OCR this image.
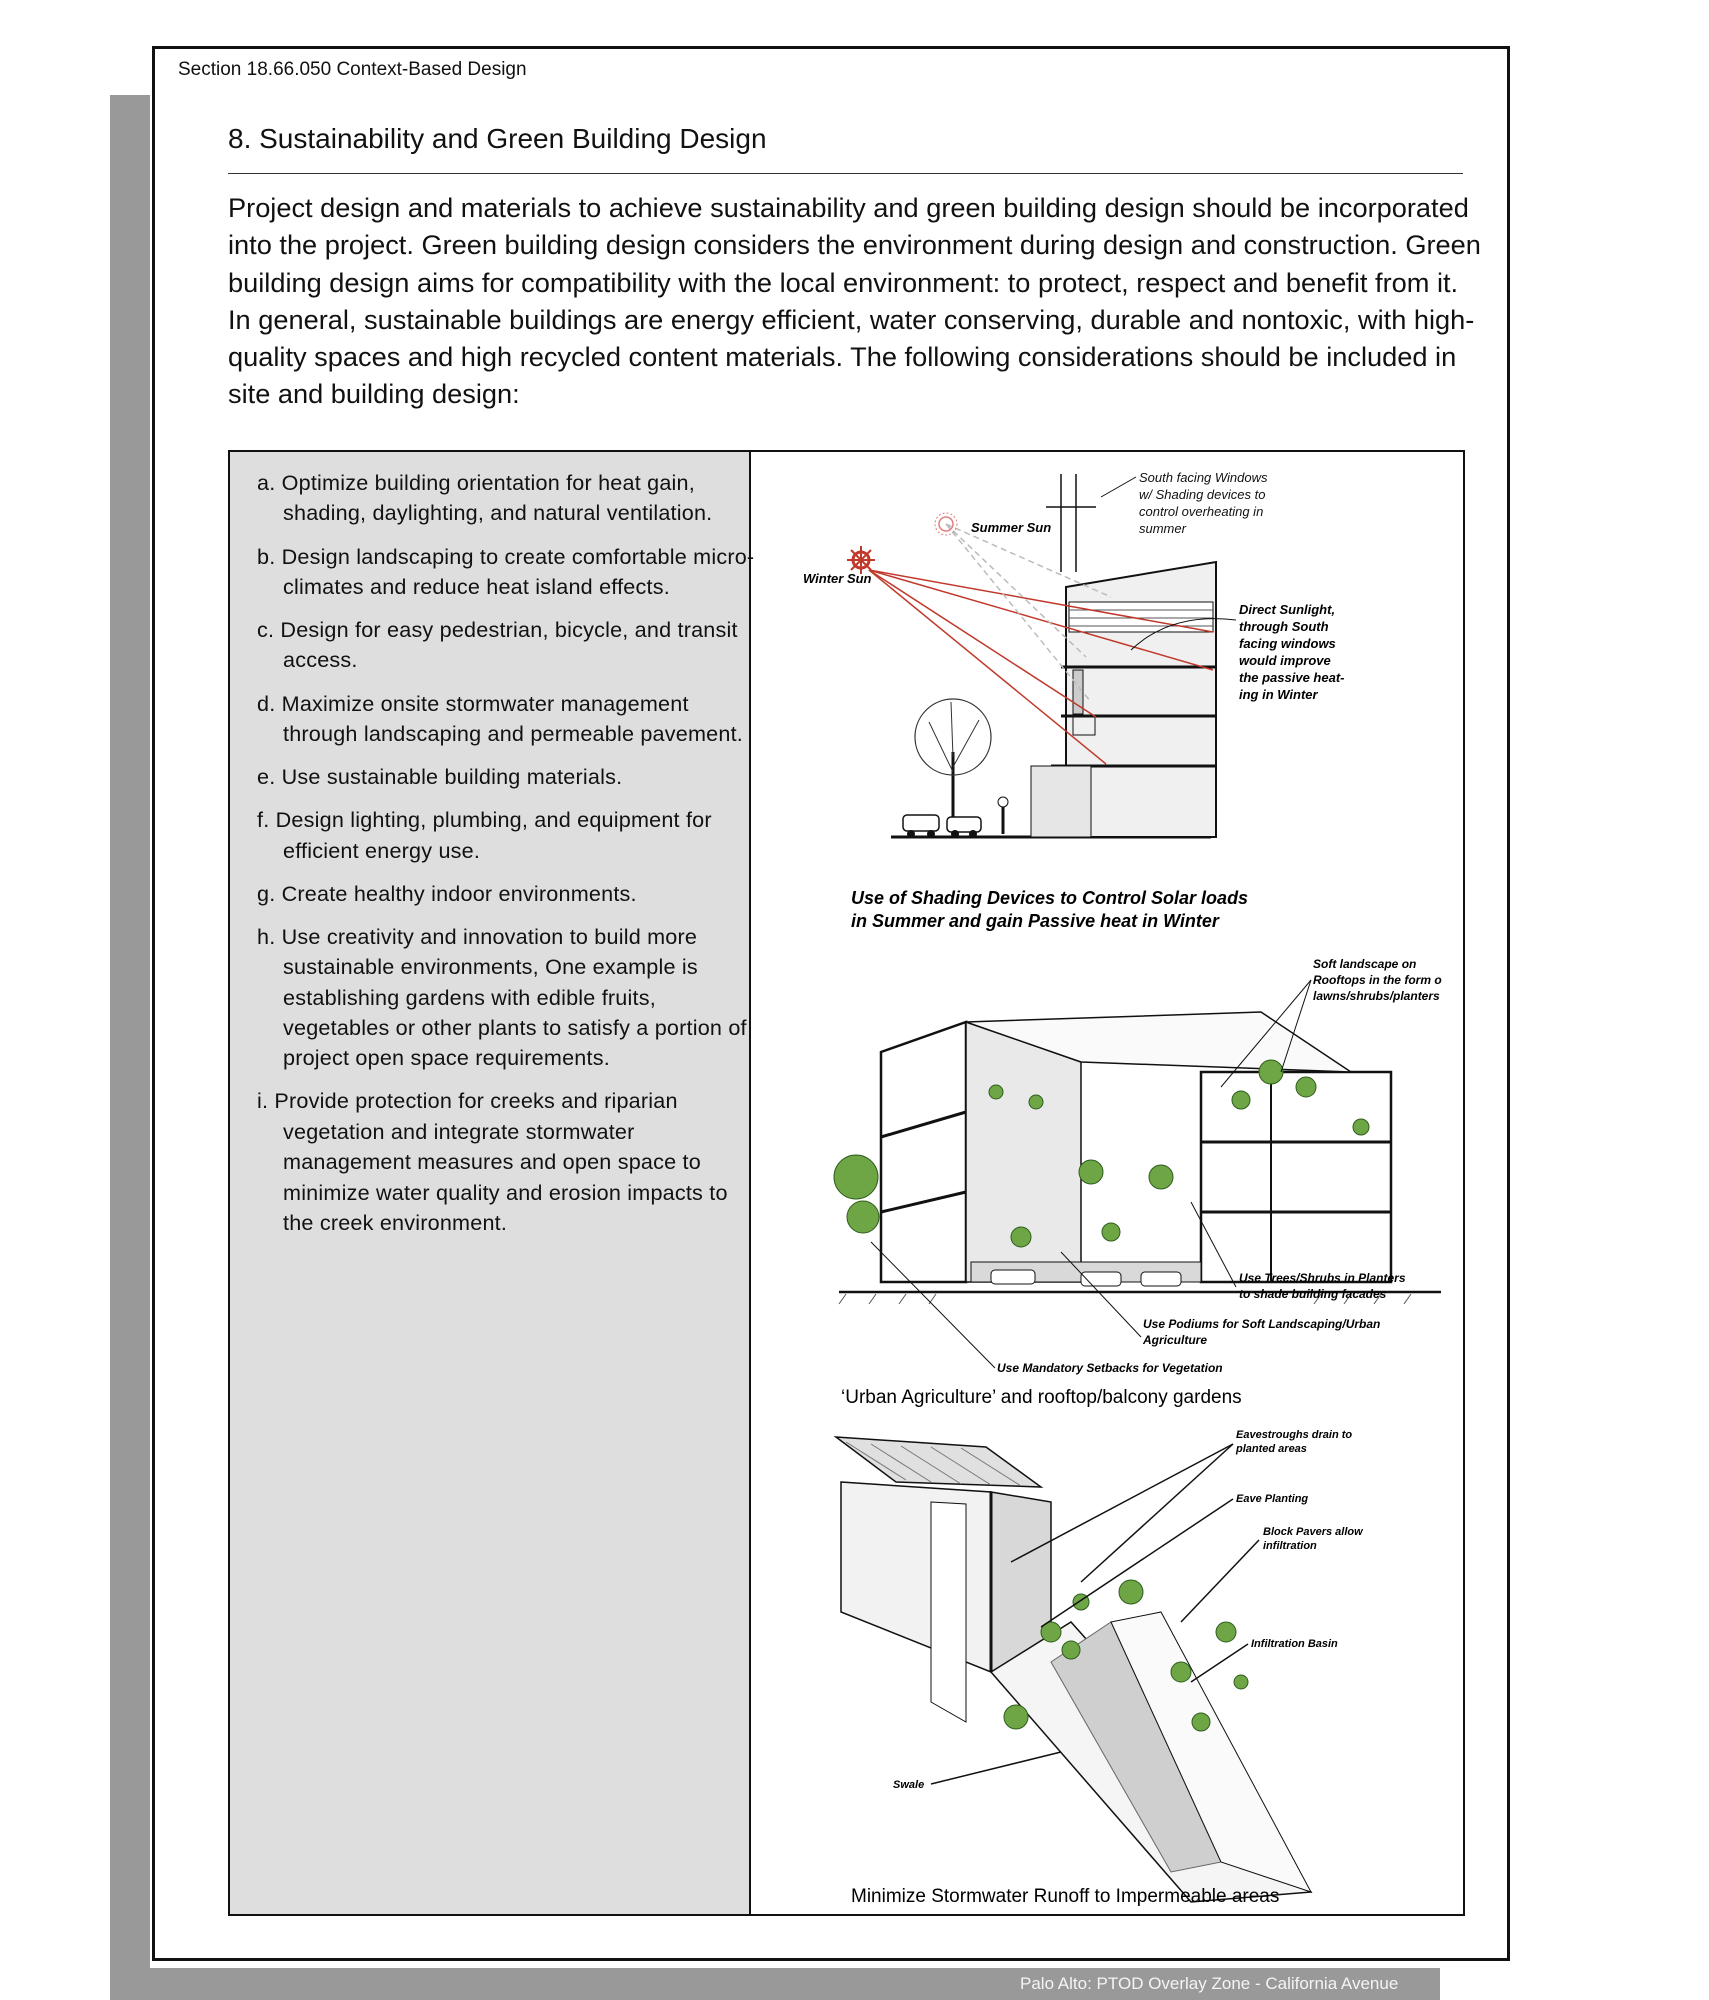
Palo Alto: PTOD Overlay Zone - California Avenue
Section 18.66.050 Context-Based Design
8. Sustainability and Green Building Design

Project design and materials to achieve sustainability and green building design should be incorporated into the project. Green building design considers the environment during design and construction. Green building design aims for compatibility with the local environment: to protect, respect and benefit from it. In general, sustainable buildings are energy efficient, water conserving, durable and nontoxic, with high-quality spaces and high recycled content materials. The following considerations should be included in site and building design:

a. Optimize building orientation for heat gain, shading, daylighting, and natural ventilation.
b. Design landscaping to create comfortable micro-climates and reduce heat island effects.
c. Design for easy pedestrian, bicycle, and transit access.
d. Maximize onsite stormwater management through landscaping and permeable pavement.
e. Use sustainable building materials.
f. Design lighting, plumbing, and equipment for efficient energy use.
g. Create healthy indoor environments.
h. Use creativity and innovation to build more sustainable environments, One example is establishing gardens with edible fruits, vegetables or other plants to satisfy a portion of project open space requirements.
i. Provide protection for creeks and riparian vegetation and integrate stormwater management measures and open space to minimize water quality and erosion impacts to the creek environment.
South facing Windows w/ Shading devices to control overheating in summer
Summer Sun
Winter Sun
Direct Sunlight, through South facing windows would improve the passive heat- ing in Winter
Use of Shading Devices to Control Solar loads in Summer and gain Passive heat in Winter
Soft landscape on Rooftops in the form o lawns/shrubs/planters
Use Trees/Shrubs in Planters to shade building facades
Use Podiums for Soft Landscaping/Urban Agriculture
Use Mandatory Setbacks for Vegetation
‘Urban Agriculture’ and rooftop/balcony gardens
Eavestroughs drain to planted areas
Eave Planting
Block Pavers allow infiltration
Infiltration Basin
Swale
Minimize Stormwater Runoff to Impermeable areas
